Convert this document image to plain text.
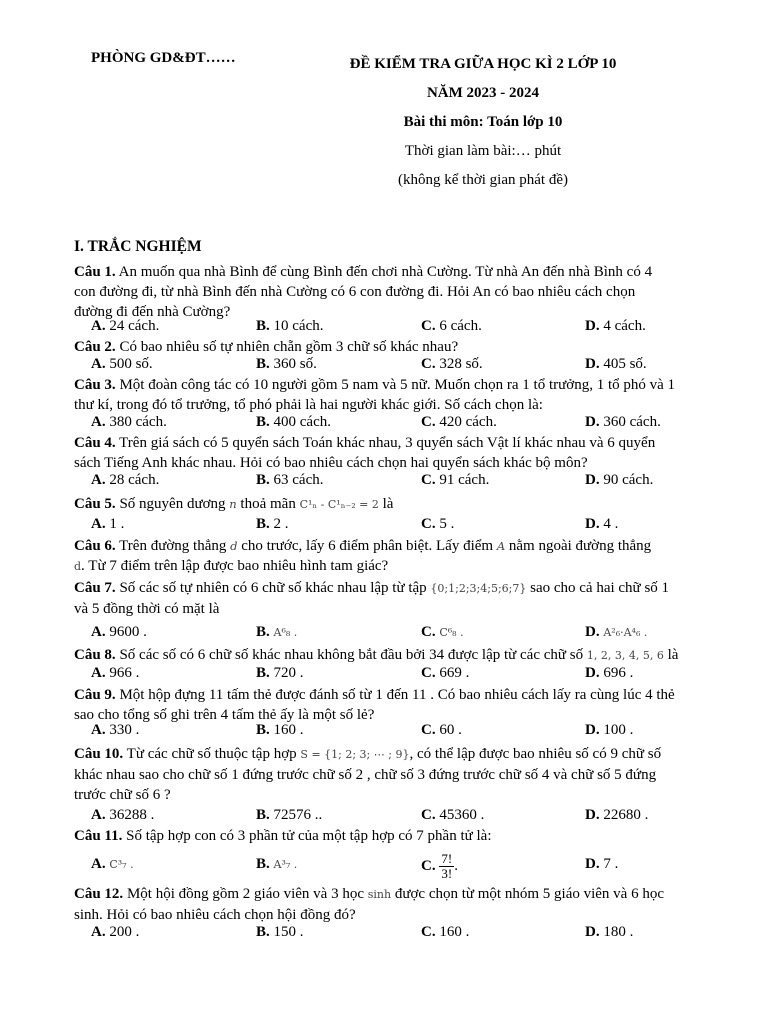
PHÒNG GD&ĐT……	ĐỀ KIỂM TRA GIỮA HỌC KÌ 2 LỚP 10
NĂM 2023 - 2024
Bài thi môn: Toán lớp 10
Thời gian làm bài:… phút
(không kể thời gian phát đề)
I. TRẮC NGHIỆM
Câu 1. An muốn qua nhà Bình để cùng Bình đến chơi nhà Cường. Từ nhà An đến nhà Bình có 4
con đường đi, từ nhà Bình đến nhà Cường có 6 con đường đi. Hỏi An có bao nhiêu cách chọn
đường đi đến nhà Cường?
A. 24 cách.	B. 10 cách.	C. 6 cách.	D. 4 cách.
Câu 2. Có bao nhiêu số tự nhiên chẵn gồm 3 chữ số khác nhau?
A. 500 số.	B. 360 số.	C. 328 số.	D. 405 số.
Câu 3. Một đoàn công tác có 10 người gồm 5 nam và 5 nữ. Muốn chọn ra 1 tổ trưởng, 1 tổ phó và 1
thư kí, trong đó tổ trưởng, tổ phó phải là hai người khác giới. Số cách chọn là:
A. 380 cách.	B. 400 cách.	C. 420 cách.	D. 360 cách.
Câu 4. Trên giá sách có 5 quyển sách Toán khác nhau, 3 quyển sách Vật lí khác nhau và 6 quyển
sách Tiếng Anh khác nhau. Hỏi có bao nhiêu cách chọn hai quyển sách khác bộ môn?
A. 28 cách.	B. 63 cách.	C. 91 cách.	D. 90 cách.
Câu 5. Số nguyên dương n thoả mãn C¹ₙ - C¹ₙ₋₂ = 2 là
A. 1 .	B. 2 .	C. 5 .	D. 4 .
Câu 6. Trên đường thẳng d cho trước, lấy 6 điểm phân biệt. Lấy điểm A nằm ngoài đường thẳng
d. Từ 7 điểm trên lập được bao nhiêu hình tam giác?
Câu 7. Số các số tự nhiên có 6 chữ số khác nhau lập từ tập {0;1;2;3;4;5;6;7} sao cho cả hai chữ số 1
và 5 đồng thời có mặt là
A. 9600 .	B. A⁶₈ .	C. C⁶₈ .	D. A²₆·A⁴₆ .
Câu 8. Số các số có 6 chữ số khác nhau không bắt đầu bởi 34 được lập từ các chữ số 1, 2, 3, 4, 5, 6 là
A. 966 .	B. 720 .	C. 669 .	D. 696 .
Câu 9. Một hộp đựng 11 tấm thẻ được đánh số từ 1 đến 11 . Có bao nhiêu cách lấy ra cùng lúc 4 thẻ
sao cho tổng số ghi trên 4 tấm thẻ ấy là một số lẻ?
A. 330 .	B. 160 .	C. 60 .	D. 100 .
Câu 10. Từ các chữ số thuộc tập hợp S = {1; 2; 3; ⋯ ; 9}, có thể lập được bao nhiêu số có 9 chữ số
khác nhau sao cho chữ số 1 đứng trước chữ số 2 , chữ số 3 đứng trước chữ số 4 và chữ số 5 đứng
trước chữ số 6 ?
A. 36288 .	B. 72576 ..	C. 45360 .	D. 22680 .
Câu 11. Số tập hợp con có 3 phần tử của một tập hợp có 7 phần tử là:
A. C³₇ .	B. A³₇ .	C. $\frac{7!}{3!}$ .	D. 7 .
Câu 12. Một hội đồng gồm 2 giáo viên và 3 học sinh được chọn từ một nhóm 5 giáo viên và 6 học
sinh. Hỏi có bao nhiêu cách chọn hội đồng đó?
A. 200 .	B. 150 .	C. 160 .	D. 180 .
